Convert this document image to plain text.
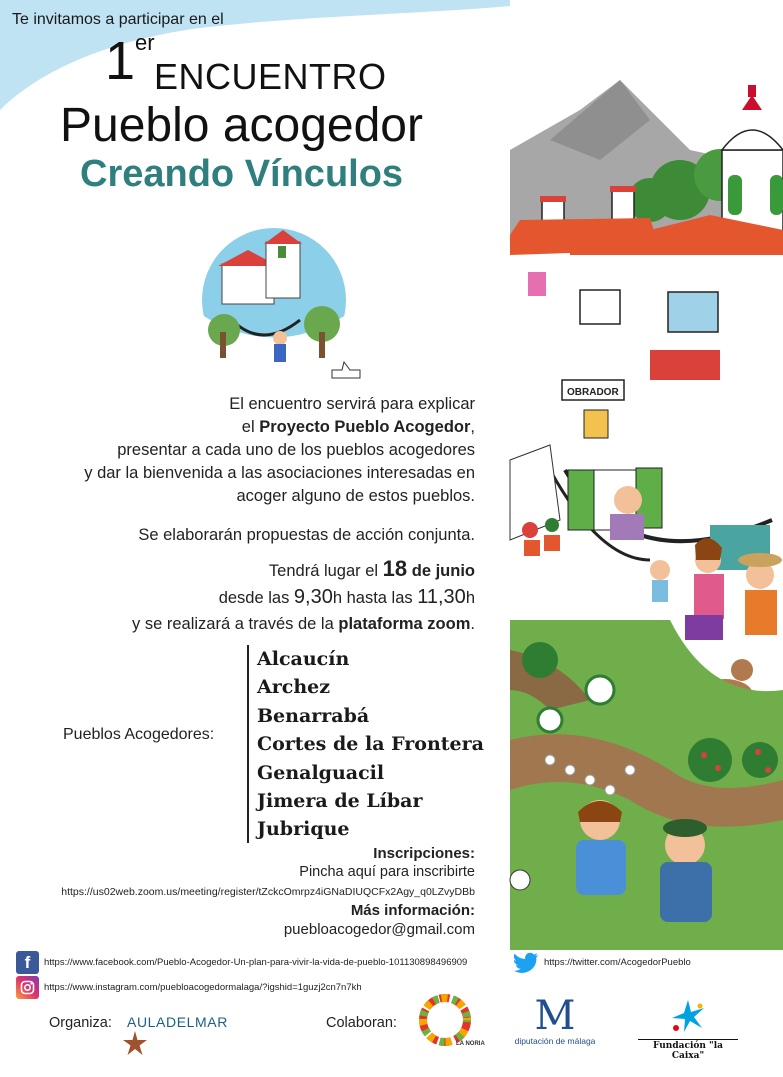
Te invitamos a participar en el
1er
ENCUENTRO
Pueblo acogedor
Creando Vínculos
El encuentro servirá para explicar
el Proyecto Pueblo Acogedor,
presentar a cada uno de los pueblos acogedores
y dar la bienvenida a las asociaciones interesadas en
acoger alguno de estos pueblos.
Se elaborarán propuestas de acción conjunta.
Tendrá lugar el 18 de junio
desde las 9,30h hasta las 11,30h
y se realizará a través de la plataforma zoom.
Pueblos Acogedores:
Alcaucín
Archez
Benarrabá
Cortes de la Frontera
Genalguacil
Jimera de Líbar
Jubrique
Inscripciones:
Pincha aquí para inscribirte
https://us02web.zoom.us/meeting/register/tZckcOmrpz4iGNaDIUQCFx2Agy_q0LZvyDBb
Más información:
puebloacogedor@gmail.com
f	https://www.facebook.com/Pueblo-Acogedor-Un-plan-para-vivir-la-vida-de-pueblo-101130898496909
https://www.instagram.com/puebloacogedormalaga/?igshid=1guzj2cn7n7kh
https://twitter.com/AcogedorPueblo
Organiza: AULADELMAR	Colaboran:
LA NORIA
M
diputación de málaga	Fundación "la Caixa"
OBRADOR
